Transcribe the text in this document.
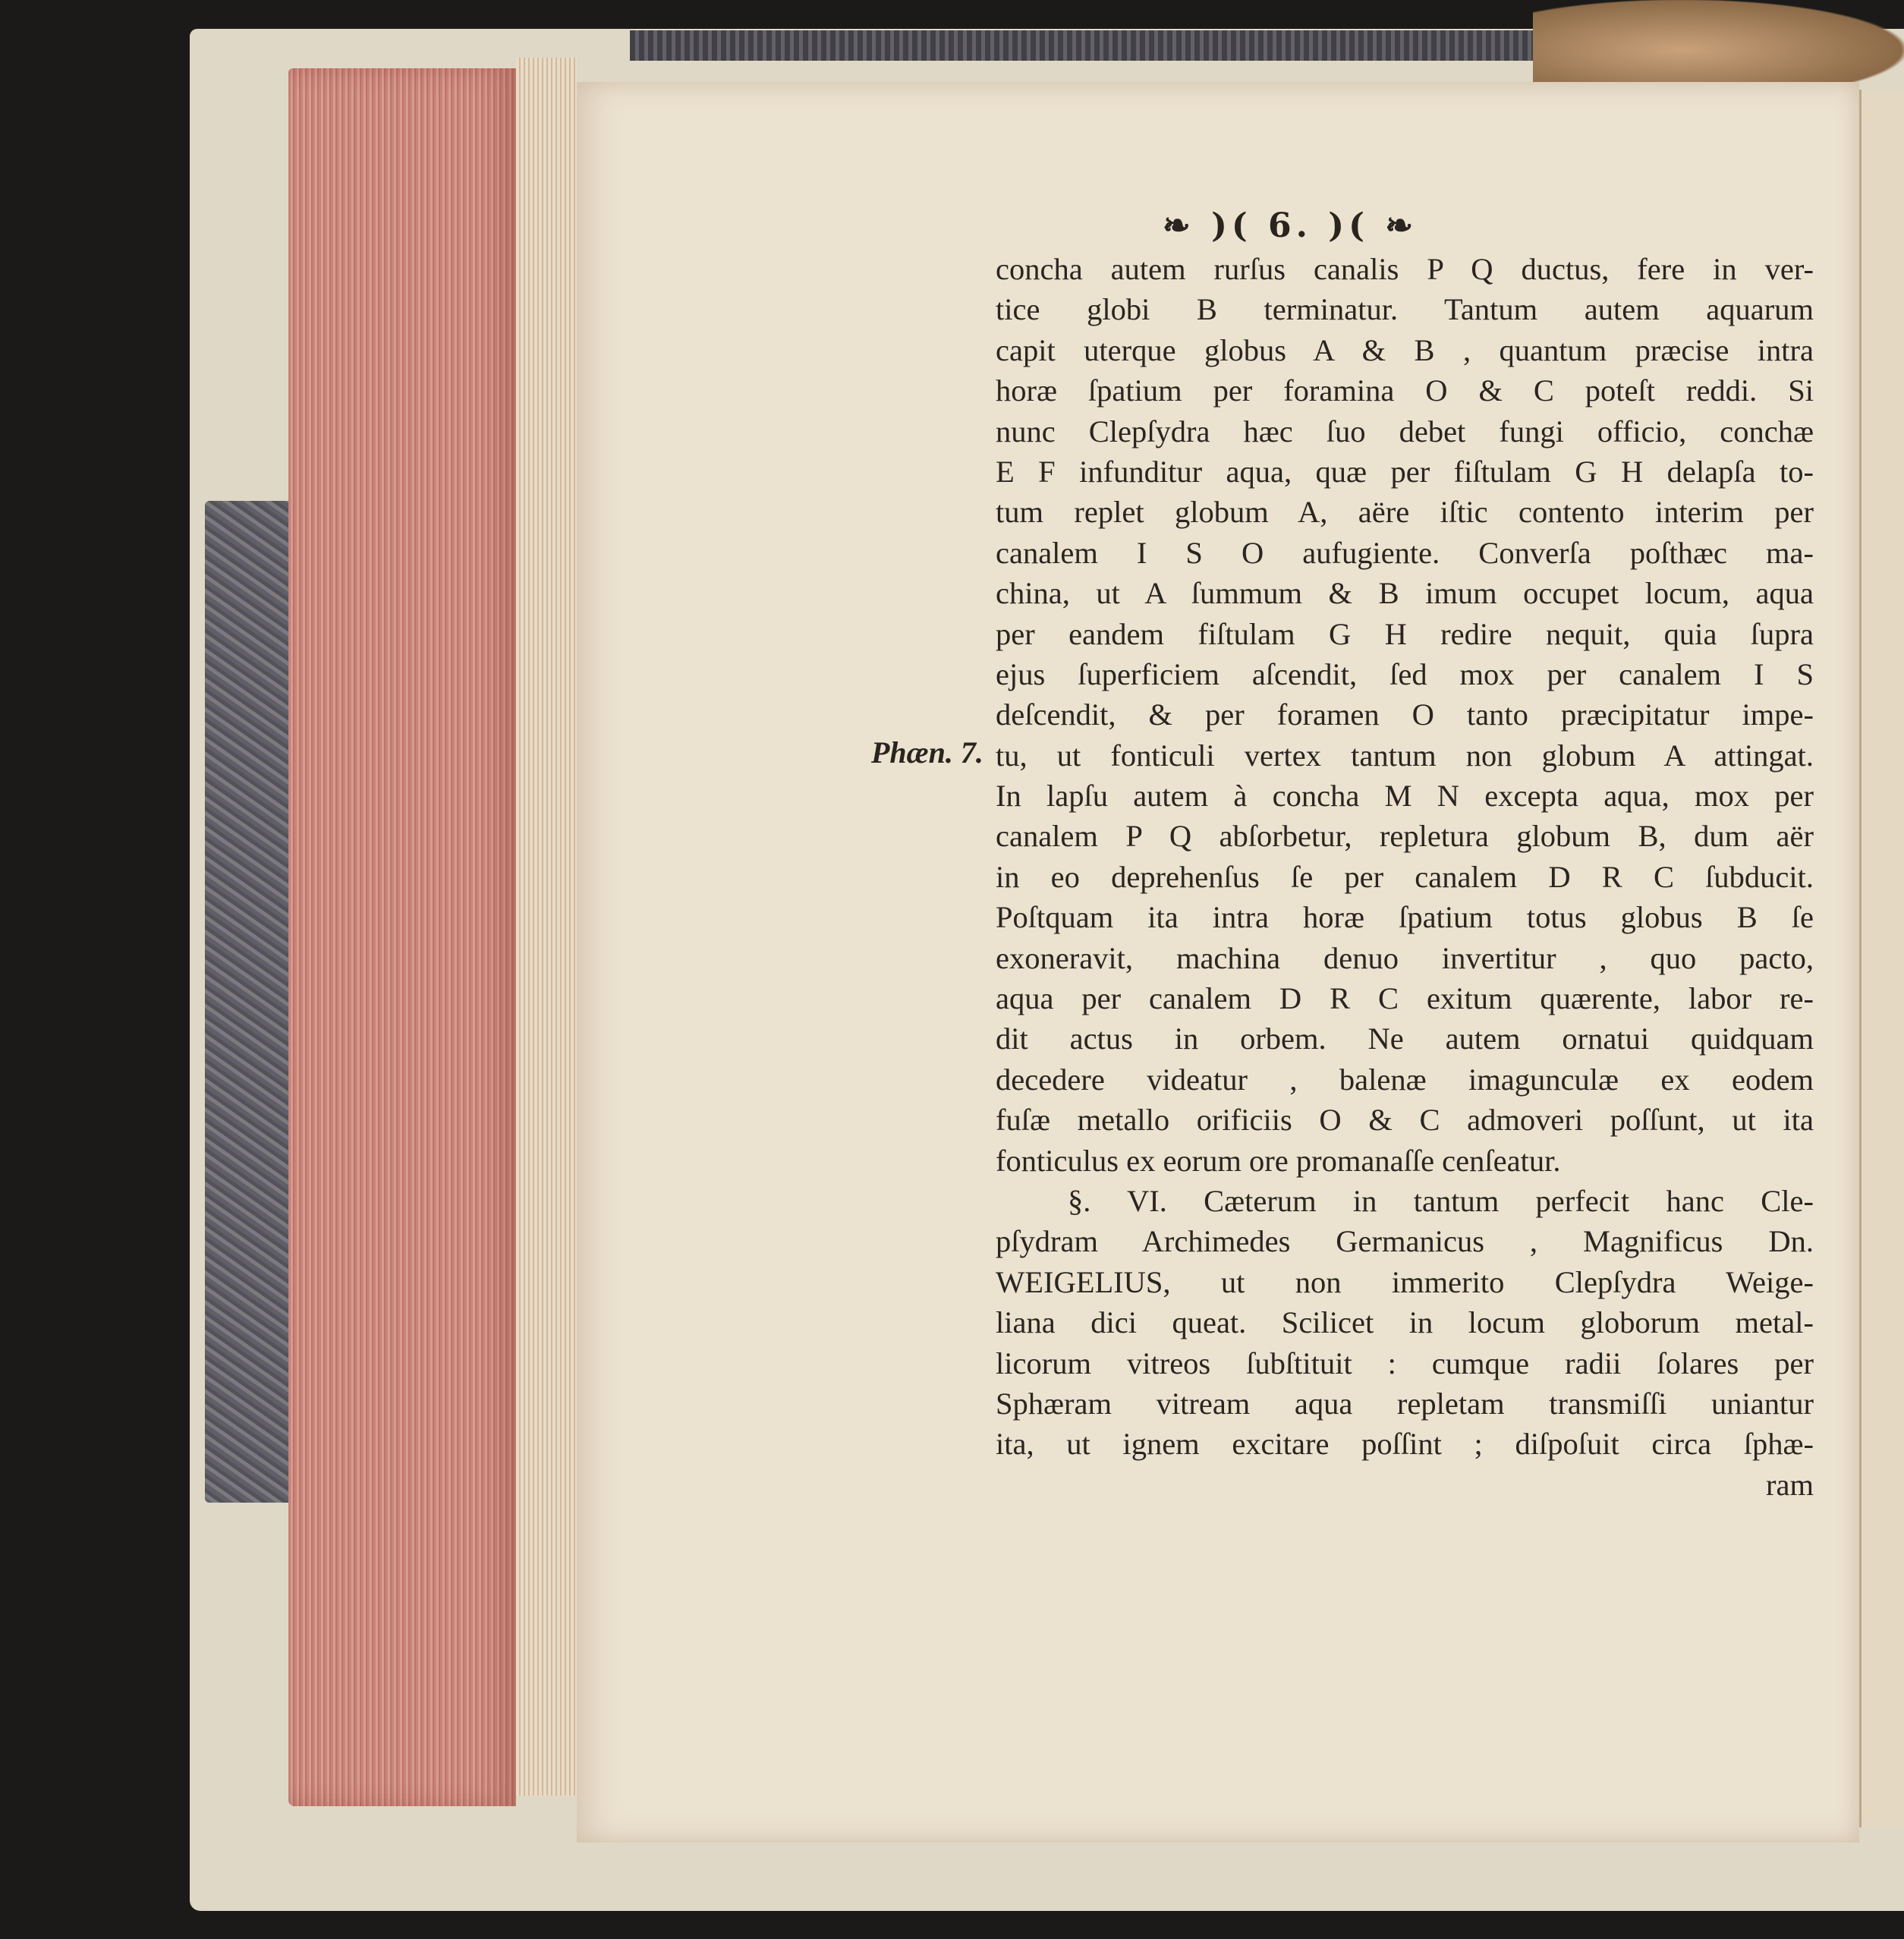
❧ )( 6. )( ❧
Phæn. 7.
concha autem rurſus canalis P Q ductus, fere in ver-
tice globi B terminatur. Tantum autem aquarum
capit uterque globus A & B , quantum præcise intra
horæ ſpatium per foramina O & C poteſt reddi. Si
nunc Clepſydra hæc ſuo debet fungi officio, conchæ
E F infunditur aqua, quæ per fiſtulam G H delapſa to-
tum replet globum A, aëre iſtic contento interim per
canalem I S O aufugiente. Converſa poſthæc ma-
china, ut A ſummum & B imum occupet locum, aqua
per eandem fiſtulam G H redire nequit, quia ſupra
ejus ſuperficiem aſcendit, ſed mox per canalem I S
deſcendit, & per foramen O tanto præcipitatur impe-
tu, ut fonticuli vertex tantum non globum A attingat.
In lapſu autem à concha M N excepta aqua, mox per
canalem P Q abſorbetur, repletura globum B, dum aër
in eo deprehenſus ſe per canalem D R C ſubducit.
Poſtquam ita intra horæ ſpatium totus globus B ſe
exoneravit, machina denuo invertitur , quo pacto,
aqua per canalem D R C exitum quærente, labor re-
dit actus in orbem. Ne autem ornatui quidquam
decedere videatur , balenæ imagunculæ ex eodem
fuſæ metallo orificiis O & C admoveri poſſunt, ut ita
fonticulus ex eorum ore promanaſſe cenſeatur.
§. VI. Cæterum in tantum perfecit hanc Cle-
pſydram Archimedes Germanicus , Magnificus Dn.
WEIGELIUS, ut non immerito Clepſydra Weige-
liana dici queat. Scilicet in locum globorum metal-
licorum vitreos ſubſtituit : cumque radii ſolares per
Sphæram vitream aqua repletam transmiſſi uniantur
ita, ut ignem excitare poſſint ; diſpoſuit circa ſphæ-
ram
